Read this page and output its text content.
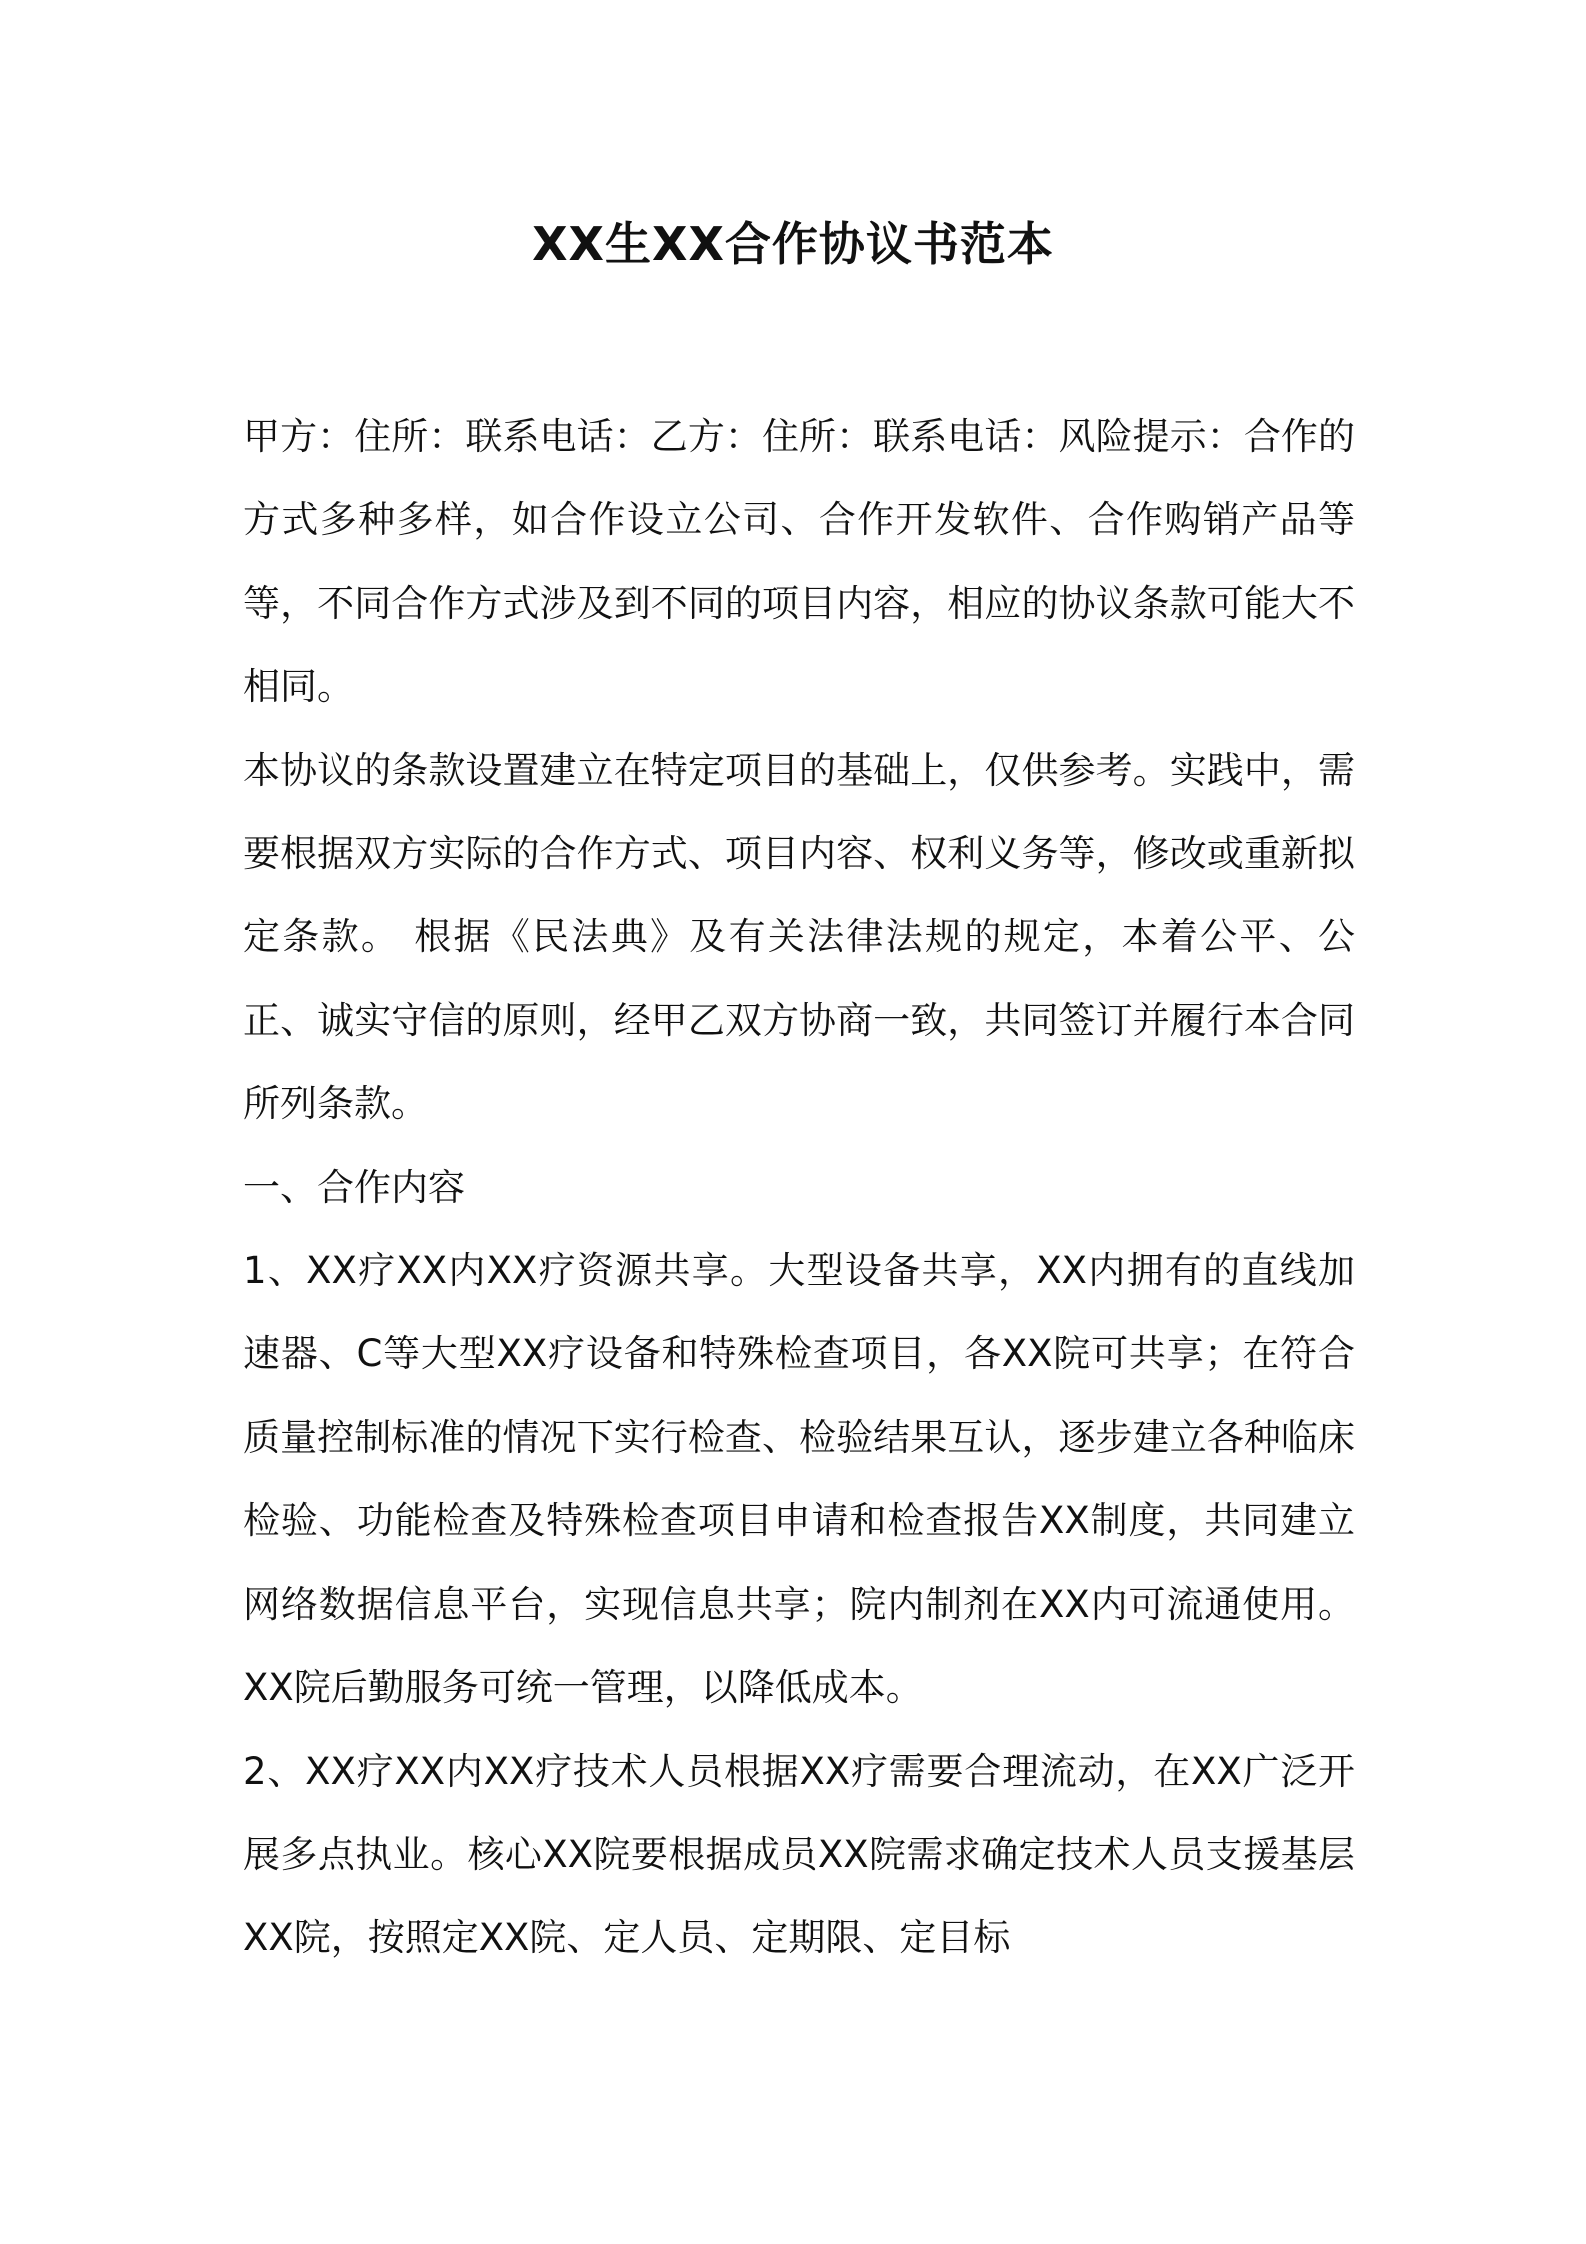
XX生XX合作协议书范本

甲方：住所：联系电话：乙方：住所：联系电话：风险提示：合作的方式多种多样，如合作设立公司、合作开发软件、合作购销产品等等，不同合作方式涉及到不同的项目内容，相应的协议条款可能大不相同。

本协议的条款设置建立在特定项目的基础上，仅供参考。实践中，需要根据双方实际的合作方式、项目内容、权利义务等，修改或重新拟定条款。 根据《民法典》及有关法律法规的规定，本着公平、公正、诚实守信的原则，经甲乙双方协商一致，共同签订并履行本合同所列条款。

一、合作内容

1、XX疗XX内XX疗资源共享。大型设备共享，XX内拥有的直线加速器、C等大型XX疗设备和特殊检查项目，各XX院可共享；在符合质量控制标准的情况下实行检查、检验结果互认，逐步建立各种临床检验、功能检查及特殊检查项目申请和检查报告XX制度，共同建立网络数据信息平台，实现信息共享；院内制剂在XX内可流通使用。XX院后勤服务可统一管理，以降低成本。

2、XX疗XX内XX疗技术人员根据XX疗需要合理流动，在XX广泛开展多点执业。核心XX院要根据成员XX院需求确定技术人员支援基层XX院，按照定XX院、定人员、定期限、定目标
